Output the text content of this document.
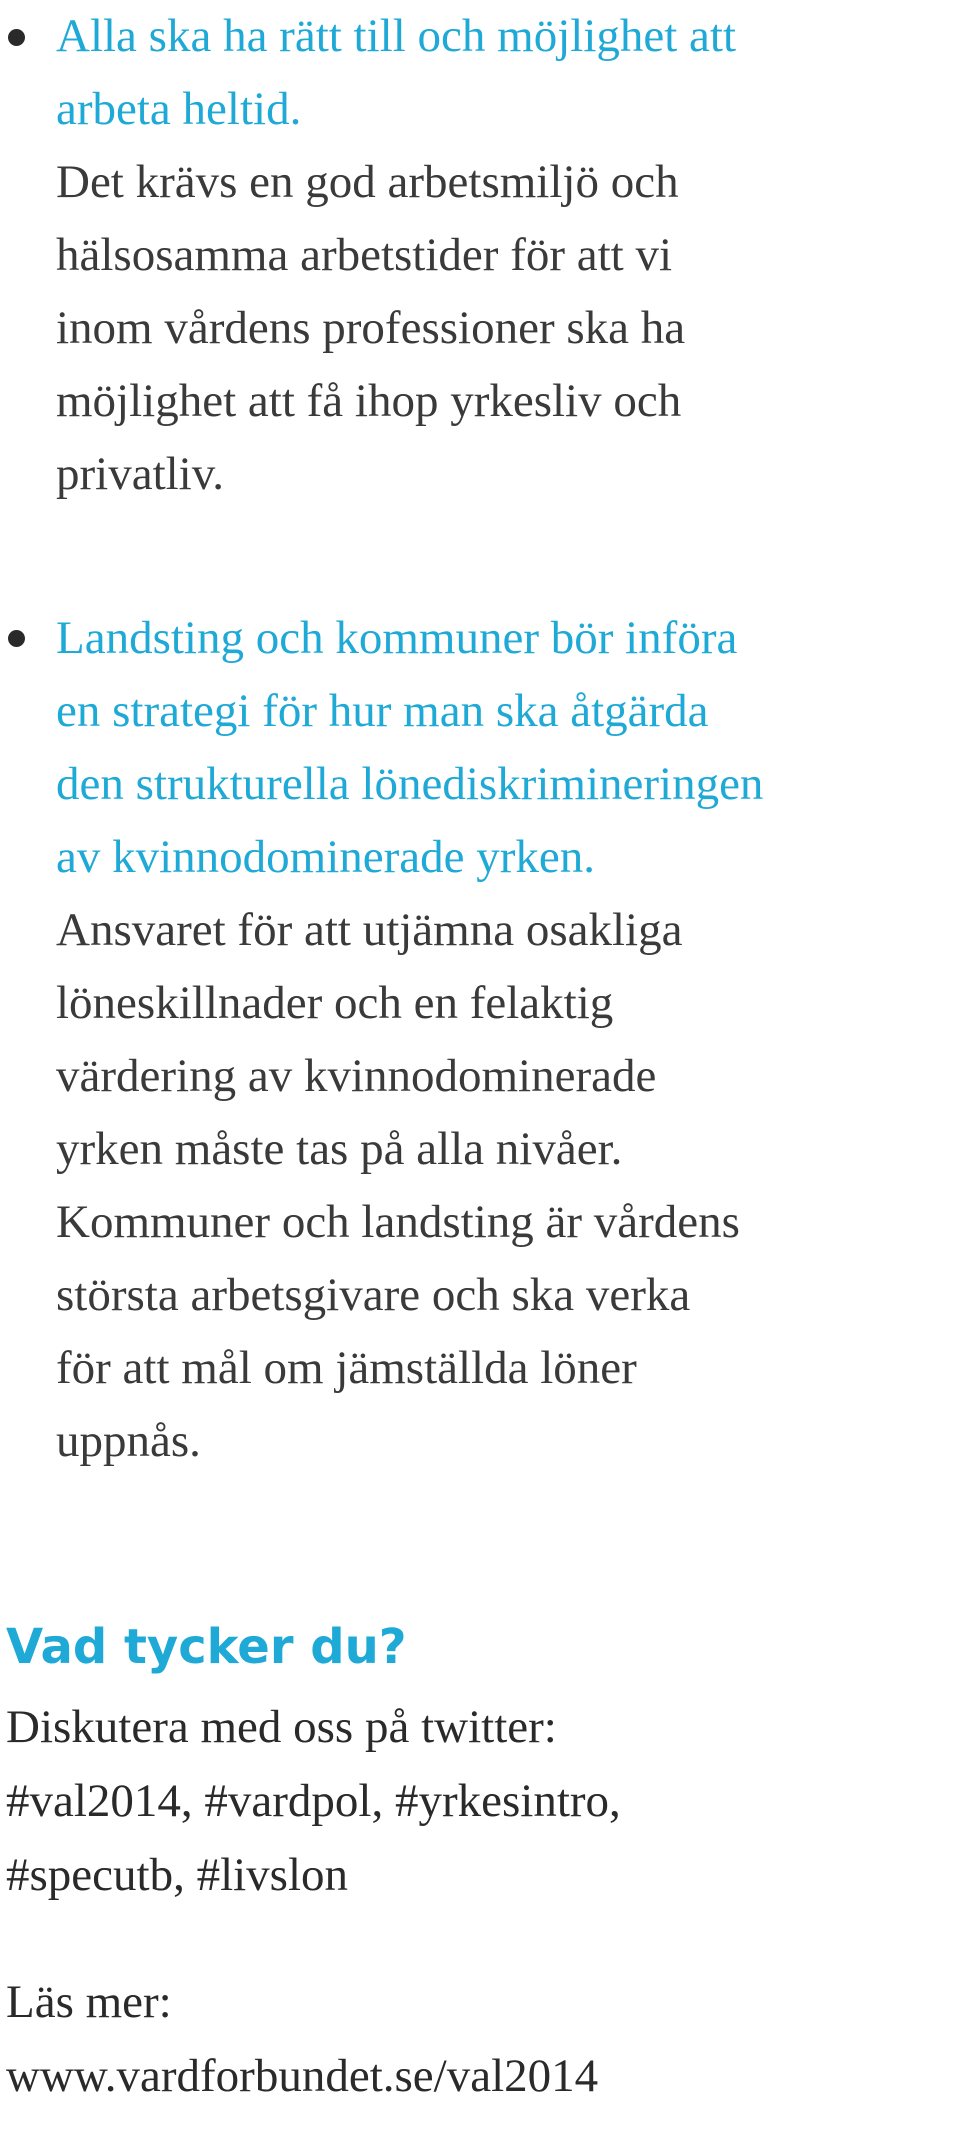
Alla ska ha rätt till och möjlighet att
arbeta heltid.
Det krävs en god arbetsmiljö och
hälsosamma arbetstider för att vi
inom vårdens professioner ska ha
möjlighet att få ihop yrkesliv och
privatliv.
Landsting och kommuner bör införa
en strategi för hur man ska åtgärda
den strukturella lönediskrimineringen
av kvinnodominerade yrken.
Ansvaret för att utjämna osakliga
löneskillnader och en felaktig
värdering av kvinnodominerade
yrken måste tas på alla nivåer.
Kommuner och landsting är vårdens
största arbetsgivare och ska verka
för att mål om jämställda löner
uppnås.
Vad tycker du?
Diskutera med oss på twitter:
#val2014, #vardpol, #yrkesintro,
#specutb, #livslon
Läs mer:
www.vardforbundet.se/val2014
